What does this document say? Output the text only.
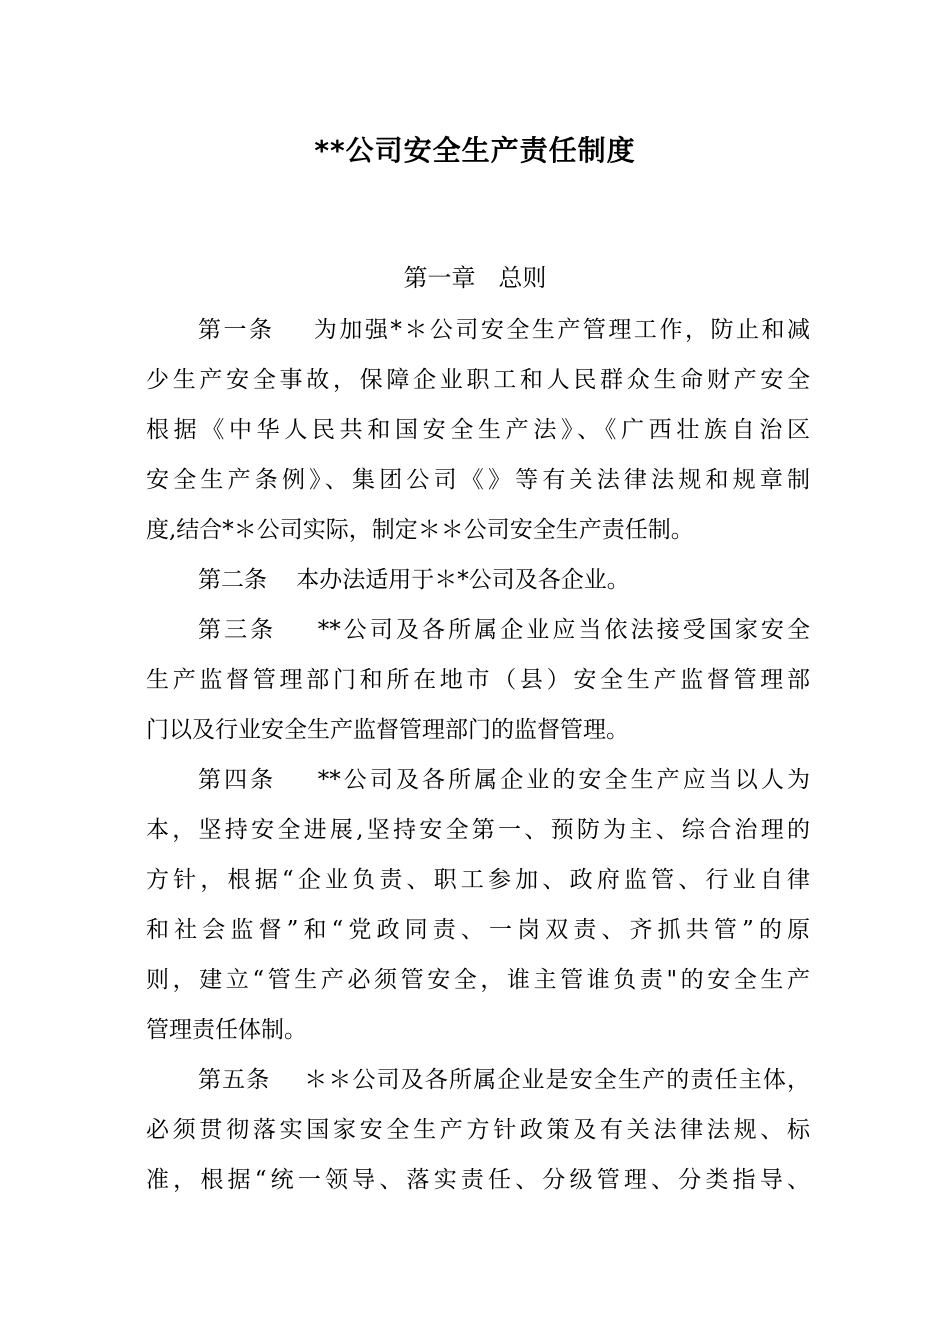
**公司安全生产责任制度
第一章   总则
第一条    为加强*＊公司安全生产管理工作，防止和减
少生产安全事故，保障企业职工和人民群众生命财产安全
根据《中华人民共和国安全生产法》、《广西壮族自治区
安全生产条例》、集团公司《》等有关法律法规和规章制
度,结合*＊公司实际，制定＊＊公司安全生产责任制。
第二条    本办法适用于＊*公司及各企业。
第三条    **公司及各所属企业应当依法接受国家安全
生产监督管理部门和所在地市（县）安全生产监督管理部
门以及行业安全生产监督管理部门的监督管理。
第四条    **公司及各所属企业的安全生产应当以人为
本，坚持安全进展,坚持安全第一、预防为主、综合治理的
方针，根据“企业负责、职工参加、政府监管、行业自律
和社会监督”和“党政同责、一岗双责、齐抓共管”的原
则，建立“管生产必须管安全，谁主管谁负责"的安全生产
管理责任体制。
第五条    ＊＊公司及各所属企业是安全生产的责任主体，
必须贯彻落实国家安全生产方针政策及有关法律法规、标
准，根据“统一领导、落实责任、分级管理、分类指导、
